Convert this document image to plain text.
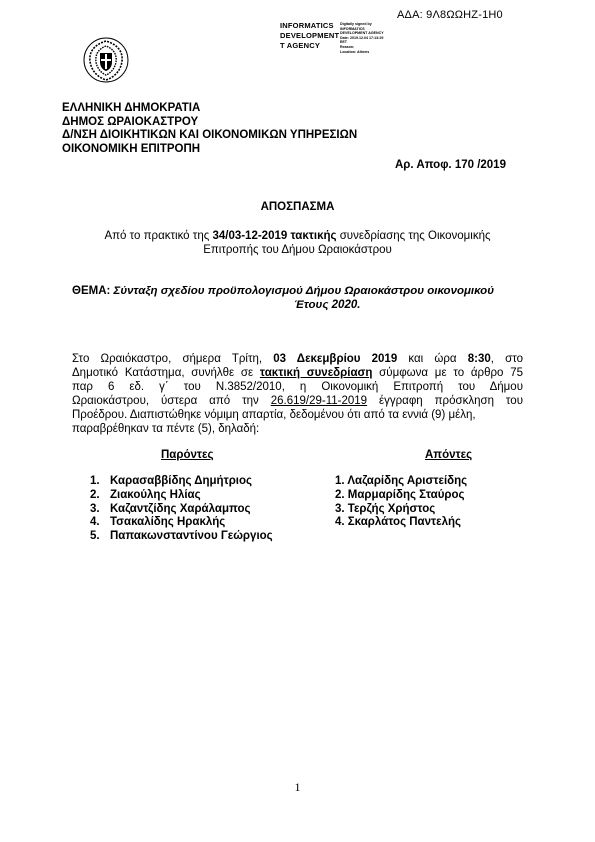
ΑΔΑ: 9Λ8ΩΩΗΖ-1Η0
INFORMATICS
DEVELOPMENT
T AGENCY
Digitally signed by
INFORMATICS
DEVELOPMENT AGENCY
Date: 2019.12.04 17:13:29
EET
Reason:
Location: Athens
ΕΛΛΗΝΙΚΗ ΔΗΜΟΚΡΑΤΙΑ
ΔΗΜΟΣ ΩΡΑΙΟΚΑΣΤΡΟΥ
Δ/ΝΣΗ ΔΙΟΙΚΗΤΙΚΩΝ ΚΑΙ ΟΙΚΟΝΟΜΙΚΩΝ ΥΠΗΡΕΣΙΩΝ
ΟΙΚΟΝΟΜΙΚΗ ΕΠΙΤΡΟΠΗ
Αρ. Αποφ. 170 /2019
ΑΠΟΣΠΑΣΜΑ
Από το πρακτικό της 34/03-12-2019 τακτικής συνεδρίασης της Οικονομικής
Επιτροπής του Δήμου Ωραιοκάστρου
ΘΕΜΑ: Σύνταξη σχεδίου προϋπολογισμού Δήμου Ωραιοκάστρου οικονομικού
Έτους 2020.
Στο Ωραιόκαστρο, σήμερα Τρίτη, 03 Δεκεμβρίου 2019 και ώρα 8:30, στο
Δημοτικό Κατάστημα, συνήλθε σε τακτική συνεδρίαση σύμφωνα με το άρθρο 75
παρ 6 εδ. γ΄ του Ν.3852/2010, η Οικονομική Επιτροπή του Δήμου
Ωραιοκάστρου, ύστερα από την 26.619/29-11-2019 έγγραφη πρόσκληση του
Προέδρου. Διαπιστώθηκε νόμιμη απαρτία, δεδομένου ότι από τα εννιά (9) μέλη,
παραβρέθηκαν τα πέντε (5), δηλαδή:
Παρόντες	Απόντες
1. Καρασαββίδης Δημήτριος
2. Ζιακούλης Ηλίας
3. Καζαντζίδης Χαράλαμπος
4. Τσακαλίδης Ηρακλής
5. Παπακωνσταντίνου Γεώργιος
1. Λαζαρίδης Αριστείδης
2. Μαρμαρίδης Σταύρος
3. Τερζής Χρήστος
4. Σκαρλάτος Παντελής
1
